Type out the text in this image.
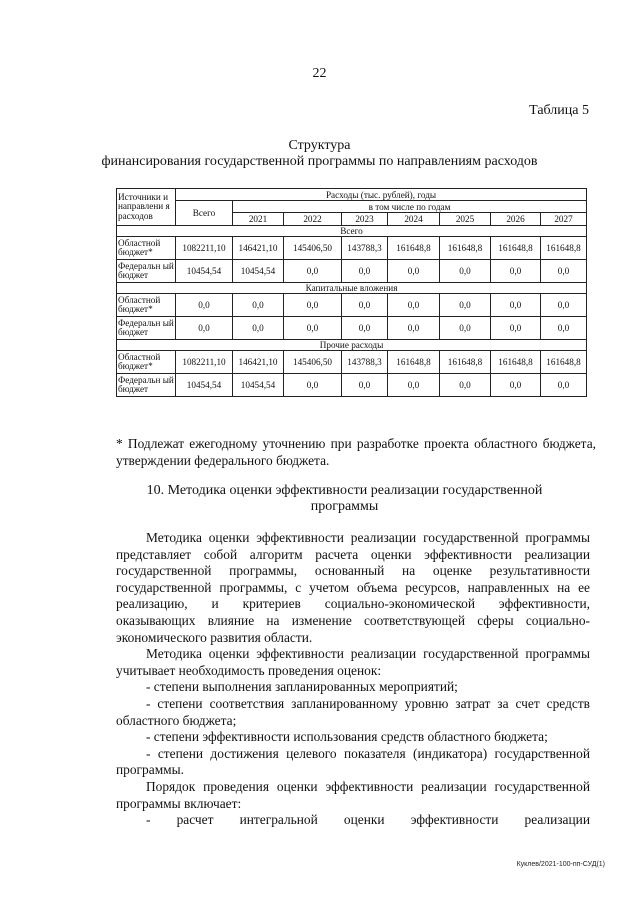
22
Таблица 5
Структура
финансирования государственной программы по направлениям расходов
Источники и направлени я расходов	Расходы (тыс. рублей), годы							
	Всего	в том числе по годам						
		2021	2022	2023	2024	2025	2026	2027
Всего								
Областной бюджет*	1082211,10	146421,10	145406,50	143788,3	161648,8	161648,8	161648,8	161648,8
Федеральн ый бюджет	10454,54	10454,54	0,0	0,0	0,0	0,0	0,0	0,0
Капитальные вложения								
Областной бюджет*	0,0	0,0	0,0	0,0	0,0	0,0	0,0	0,0
Федеральн ый бюджет	0,0	0,0	0,0	0,0	0,0	0,0	0,0	0,0
Прочие расходы								
Областной бюджет*	1082211,10	146421,10	145406,50	143788,3	161648,8	161648,8	161648,8	161648,8
Федеральн ый бюджет	10454,54	10454,54	0,0	0,0	0,0	0,0	0,0	0,0
* Подлежат ежегодному уточнению при разработке проекта областного бюджета, утверждении федерального бюджета.
10. Методика оценки эффективности реализации государственной
программы

Методика оценки эффективности реализации государственной программы представляет собой алгоритм расчета оценки эффективности реализации государственной программы, основанный на оценке результативности государственной программы, с учетом объема ресурсов, направленных на ее реализацию, и критериев социально-экономической эффективности, оказывающих влияние на изменение соответствующей сферы социально-экономического развития области.

Методика оценки эффективности реализации государственной программы учитывает необходимость проведения оценок:

- степени выполнения запланированных мероприятий;

- степени соответствия запланированному уровню затрат за счет средств областного бюджета;

- степени эффективности использования средств областного бюджета;

- степени достижения целевого показателя (индикатора) государственной программы.

Порядок проведения оценки эффективности реализации государственной программы включает:

- расчет интегральной оценки эффективности реализации

Куклев/2021-100-пп-СУД(1)
